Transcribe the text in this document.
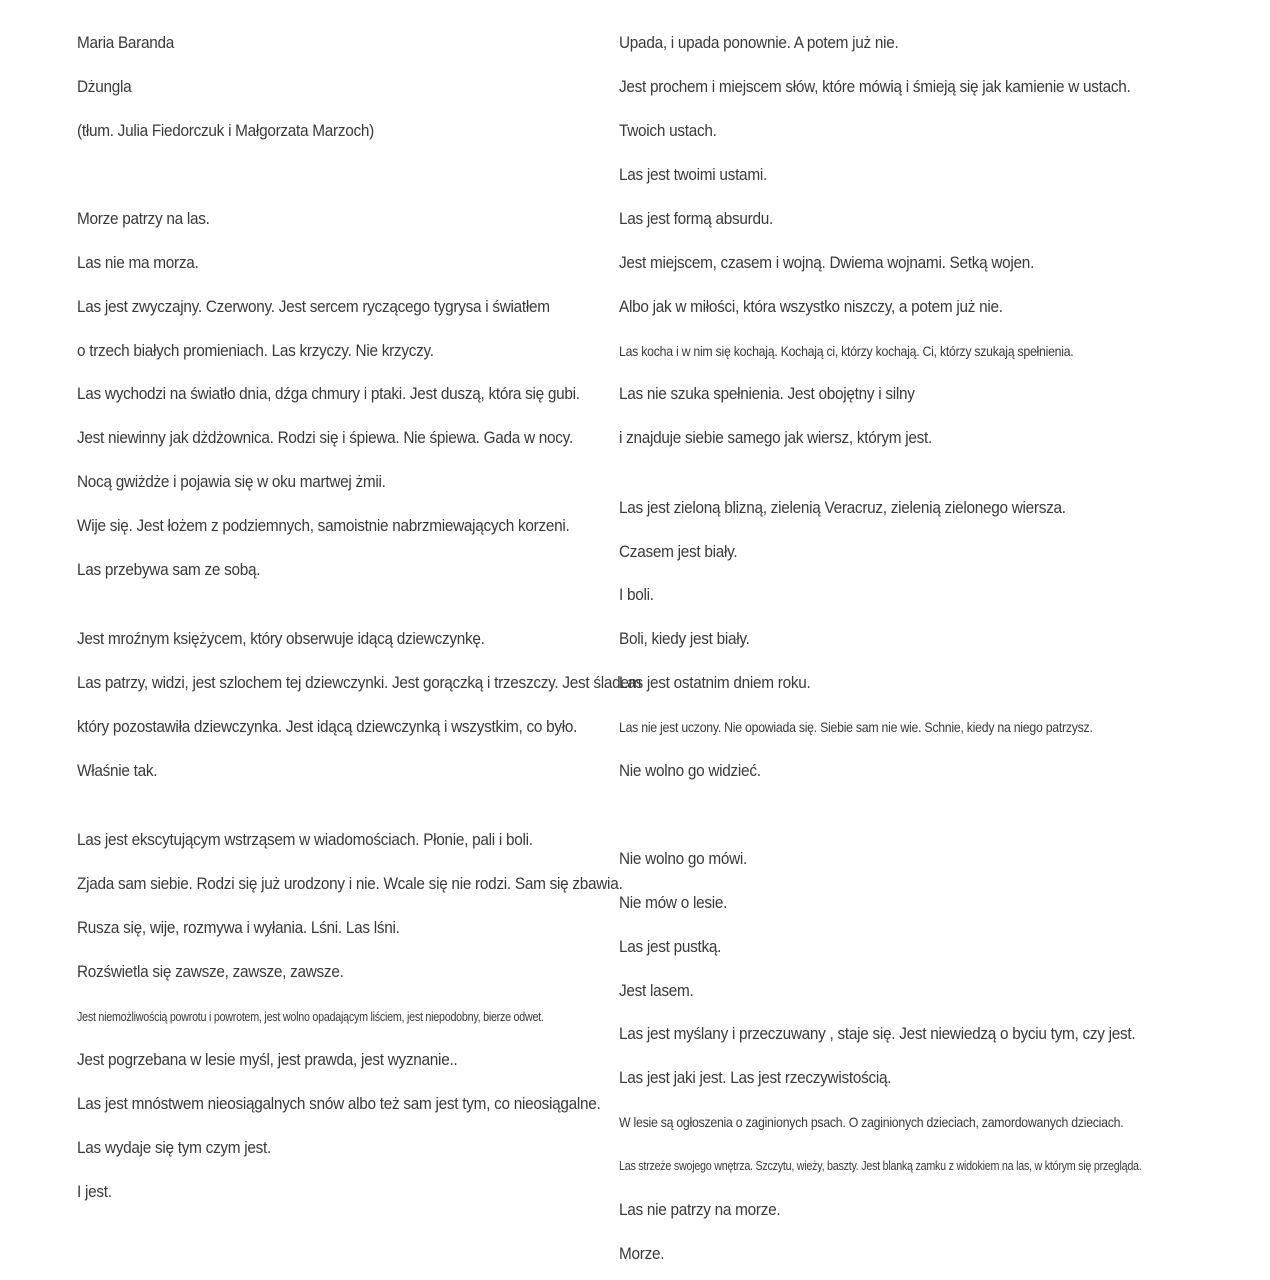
Maria Baranda
Dżungla
(tłum. Julia Fiedorczuk i Małgorzata Marzoch)
Morze patrzy na las.
Las nie ma morza.
Las jest zwyczajny. Czerwony. Jest sercem ryczącego tygrysa i światłem
o trzech białych promieniach. Las krzyczy. Nie krzyczy.
Las wychodzi na światło dnia, dźga chmury i ptaki. Jest duszą, która się gubi.
Jest niewinny jak dżdżownica. Rodzi się i śpiewa. Nie śpiewa. Gada w nocy.
Nocą gwiżdże i pojawia się w oku martwej żmii.
Wije się. Jest łożem z podziemnych, samoistnie nabrzmiewających korzeni.
Las przebywa sam ze sobą.
Jest mroźnym księżycem, który obserwuje idącą dziewczynkę.
Las patrzy, widzi, jest szlochem tej dziewczynki. Jest gorączką i trzeszczy. Jest śladem
który pozostawiła dziewczynka. Jest idącą dziewczynką i wszystkim, co było.
Właśnie tak.
Las jest ekscytującym wstrząsem w wiadomościach. Płonie, pali i boli.
Zjada sam siebie. Rodzi się już urodzony i nie. Wcale się nie rodzi. Sam się zbawia.
Rusza się, wije, rozmywa i wyłania. Lśni. Las lśni.
Rozświetla się zawsze, zawsze, zawsze.
Jest niemożliwością powrotu i powrotem, jest wolno opadającym liściem, jest niepodobny, bierze odwet.
Jest pogrzebana w lesie myśl, jest prawda, jest wyznanie..
Las jest mnóstwem nieosiągalnych snów albo też sam jest tym, co nieosiągalne.
Las wydaje się tym czym jest.
I jest.
Upada, i upada ponownie. A potem już nie.
Jest prochem i miejscem słów, które mówią i śmieją się jak kamienie w ustach.
Twoich ustach.
Las jest twoimi ustami.
Las jest formą absurdu.
Jest miejscem, czasem i wojną. Dwiema wojnami. Setką wojen.
Albo jak w miłości, która wszystko niszczy, a potem już nie.
Las kocha i w nim się kochają. Kochają ci, którzy kochają. Ci, którzy szukają spełnienia.
Las nie szuka spełnienia. Jest obojętny i silny
i znajduje siebie samego jak wiersz, którym jest.
Las jest zieloną blizną, zielenią Veracruz, zielenią zielonego wiersza.
Czasem jest biały.
I boli.
Boli, kiedy jest biały.
Las jest ostatnim dniem roku.
Las nie jest uczony. Nie opowiada się. Siebie sam nie wie. Schnie, kiedy na niego patrzysz.
Nie wolno go widzieć.
Nie wolno go mówi.
Nie mów o lesie.
Las jest pustką.
Jest lasem.
Las jest myślany i przeczuwany , staje się. Jest niewiedzą o byciu tym, czy jest.
Las jest jaki jest. Las jest rzeczywistością.
W lesie są ogłoszenia o zaginionych psach. O zaginionych dzieciach, zamordowanych dzieciach.
Las strzeże swojego wnętrza. Szczytu, wieży, baszty. Jest blanką zamku z widokiem na las, w którym się przegląda.
Las nie patrzy na morze.
Morze.
